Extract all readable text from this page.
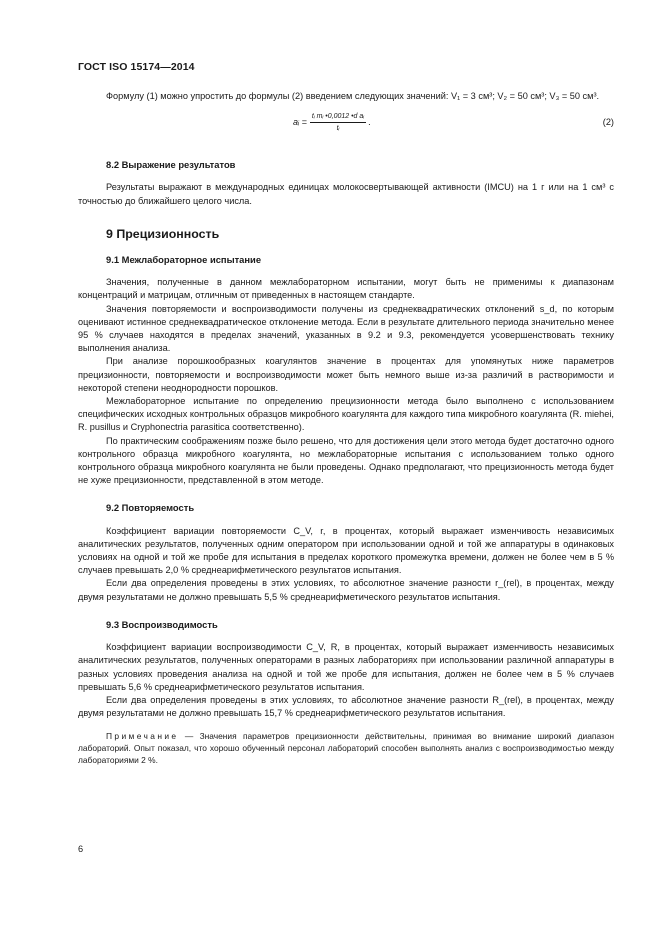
ГОСТ ISO 15174—2014

Формулу (1) можно упростить до формулы (2) введением следующих значений: V₁ = 3 см³; V₂ = 50 см³; V₃ = 50 см³.

aᵢ = $\frac{\text{tᵢ mᵢ •0,0012 •d aᵢ}}{\text{tᵢ}}$ .	(2)
8.2 Выражение результатов

Результаты выражают в международных единицах молокосвертывающей активности (IMCU) на 1 г или на 1 см³ с точностью до ближайшего целого числа.

9 Прецизионность
9.1 Межлабораторное испытание

Значения, полученные в данном межлабораторном испытании, могут быть не применимы к диапазонам концентраций и матрицам, отличным от приведенных в настоящем стандарте.

Значения повторяемости и воспроизводимости получены из среднеквадратических отклонений s_d, по которым оценивают истинное среднеквадратическое отклонение метода. Если в результате длительного периода значительно менее 95 % случаев находятся в пределах значений, указанных в 9.2 и 9.3, рекомендуется усовершенствовать технику выполнения анализа.

При анализе порошкообразных коагулянтов значение в процентах для упомянутых ниже параметров прецизионности, повторяемости и воспроизводимости может быть немного выше из-за различий в растворимости и некоторой степени неоднородности порошков.

Межлабораторное испытание по определению прецизионности метода было выполнено с использованием специфических исходных контрольных образцов микробного коагулянта для каждого типа микробного коагулянта (R. miehei, R. pusillus и Cryphonectria parasitica соответственно).

По практическим соображениям позже было решено, что для достижения цели этого метода будет достаточно одного контрольного образца микробного коагулянта, но межлабораторные испытания с использованием только одного контрольного образца микробного коагулянта не были проведены. Однако предполагают, что прецизионность метода будет не хуже прецизионности, представленной в этом методе.

9.2 Повторяемость

Коэффициент вариации повторяемости C_V, r, в процентах, который выражает изменчивость независимых аналитических результатов, полученных одним оператором при использовании одной и той же аппаратуры в одинаковых условиях на одной и той же пробе для испытания в пределах короткого промежутка времени, должен не более чем в 5 % случаев превышать 2,0 % среднеарифметического результатов испытания.

Если два определения проведены в этих условиях, то абсолютное значение разности r_(rel), в процентах, между двумя результатами не должно превышать 5,5 % среднеарифметического результатов испытания.

9.3 Воспроизводимость

Коэффициент вариации воспроизводимости C_V, R, в процентах, который выражает изменчивость независимых аналитических результатов, полученных операторами в разных лабораториях при использовании различной аппаратуры в разных условиях проведения анализа на одной и той же пробе для испытания, должен не более чем в 5 % случаев превышать 5,6 % среднеарифметического результатов испытания.

Если два определения проведены в этих условиях, то абсолютное значение разности R_(rel), в процентах, между двумя результатами не должно превышать 15,7 % среднеарифметического результатов испытания.

Примечание — Значения параметров прецизионности действительны, принимая во внимание широкий диапазон лабораторий. Опыт показал, что хорошо обученный персонал лабораторий способен выполнять анализ с воспроизводимостью между лабораториями 2 %.
6
